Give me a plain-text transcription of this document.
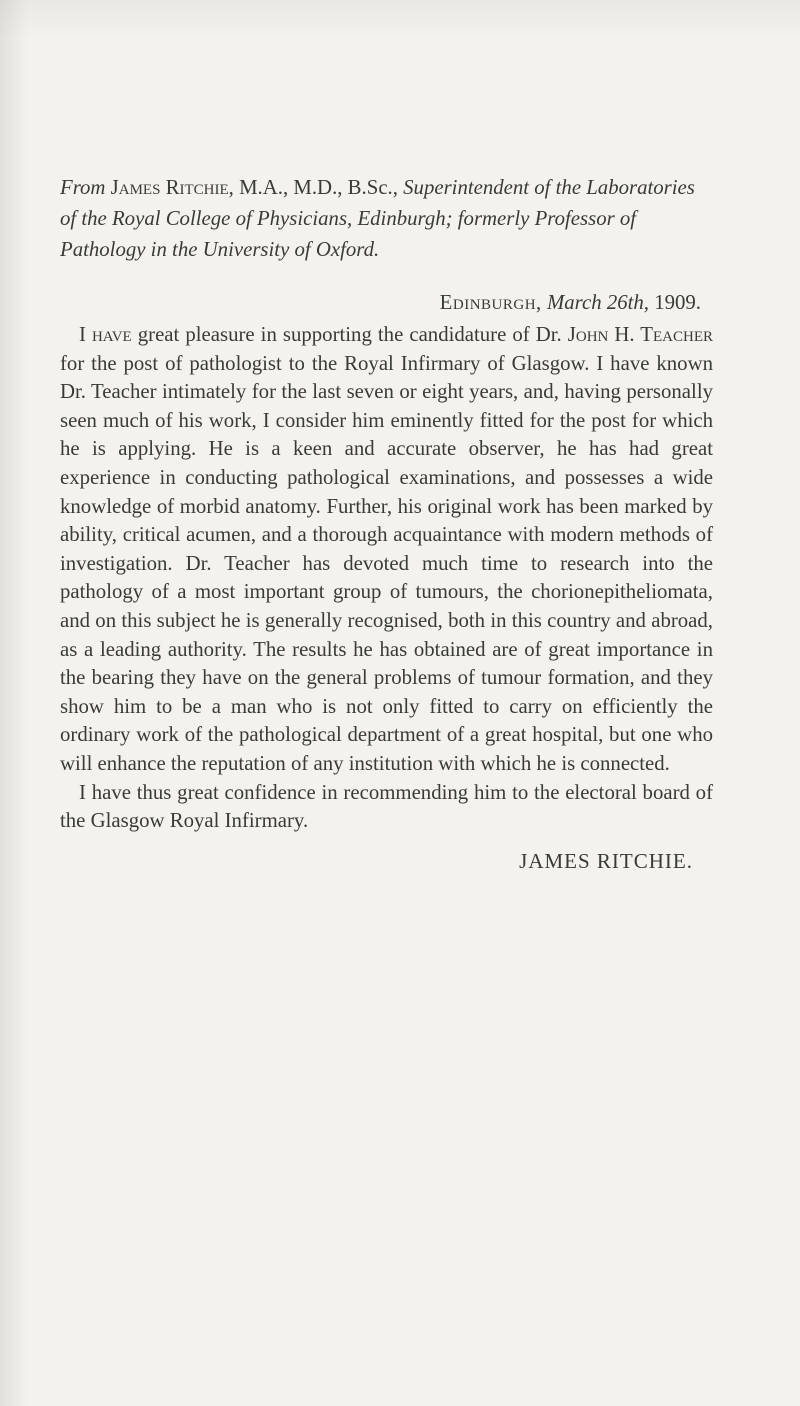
From James Ritchie, M.A., M.D., B.Sc., Superintendent of the Laboratories of the Royal College of Physicians, Edinburgh; formerly Professor of Pathology in the University of Oxford.

Edinburgh, March 26th, 1909.

I have great pleasure in supporting the candidature of Dr. John H. Teacher for the post of pathologist to the Royal Infirmary of Glasgow. I have known Dr. Teacher intimately for the last seven or eight years, and, having personally seen much of his work, I consider him eminently fitted for the post for which he is applying. He is a keen and accurate observer, he has had great experience in conducting pathological examinations, and possesses a wide knowledge of morbid anatomy. Further, his original work has been marked by ability, critical acumen, and a thorough acquaintance with modern methods of investigation. Dr. Teacher has devoted much time to research into the pathology of a most important group of tumours, the chorionepitheliomata, and on this subject he is generally recognised, both in this country and abroad, as a leading authority. The results he has obtained are of great importance in the bearing they have on the general problems of tumour formation, and they show him to be a man who is not only fitted to carry on efficiently the ordinary work of the pathological department of a great hospital, but one who will enhance the reputation of any institution with which he is connected.

I have thus great confidence in recommending him to the electoral board of the Glasgow Royal Infirmary.

JAMES RITCHIE.
